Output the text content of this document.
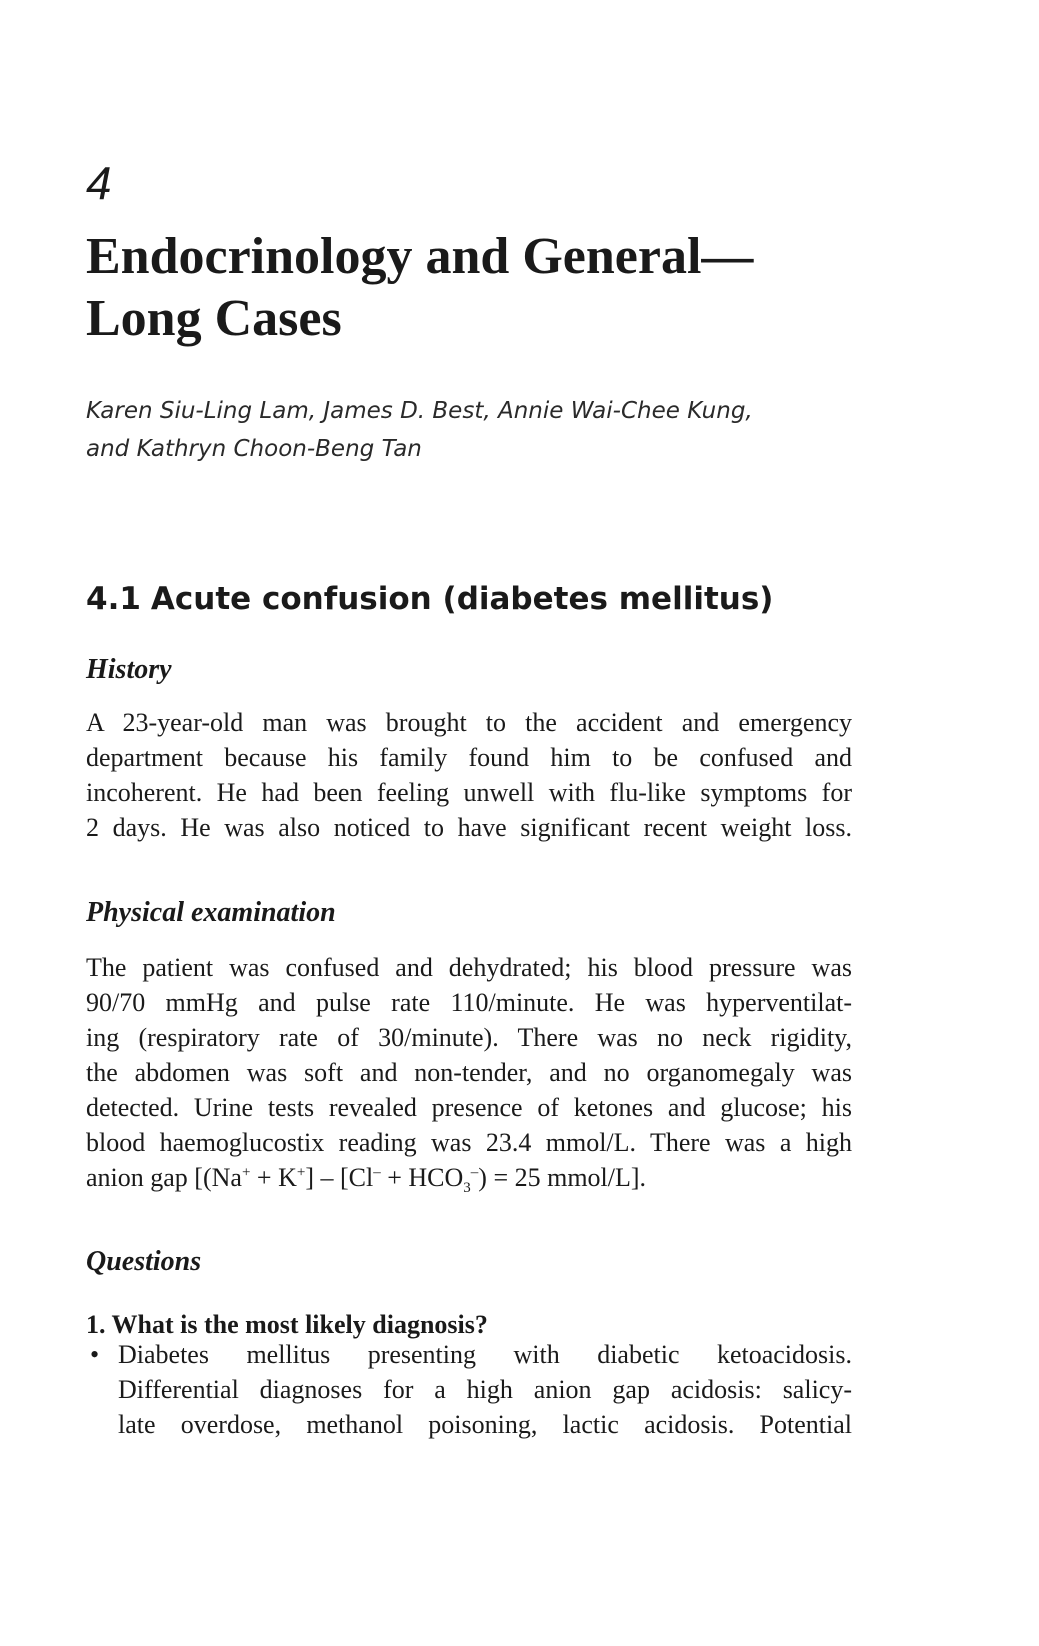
4
Endocrinology and General—
Long Cases
Karen Siu-Ling Lam, James D. Best, Annie Wai-Chee Kung,
and Kathryn Choon-Beng Tan
4.1 Acute confusion (diabetes mellitus)
History

A 23-year-old man was brought to the accident and emergency
department because his family found him to be confused and
incoherent. He had been feeling unwell with flu-like symptoms for
2 days. He was also noticed to have significant recent weight loss.

Physical examination

The patient was confused and dehydrated; his blood pressure was
90/70 mmHg and pulse rate 110/minute. He was hyperventilat-
ing (respiratory rate of 30/minute). There was no neck rigidity,
the abdomen was soft and non-tender, and no organomegaly was
detected. Urine tests revealed presence of ketones and glucose; his
blood haemoglucostix reading was 23.4 mmol/L. There was a high
anion gap [$(Na^+ + K^+] - [Cl^- + HCO_3^-) = 25$ mmol/L].

Questions

1. What is the most likely diagnosis?

• Diabetes mellitus presenting with diabetic ketoacidosis.
Differential diagnoses for a high anion gap acidosis: salicy-
late overdose, methanol poisoning, lactic acidosis. Potential
